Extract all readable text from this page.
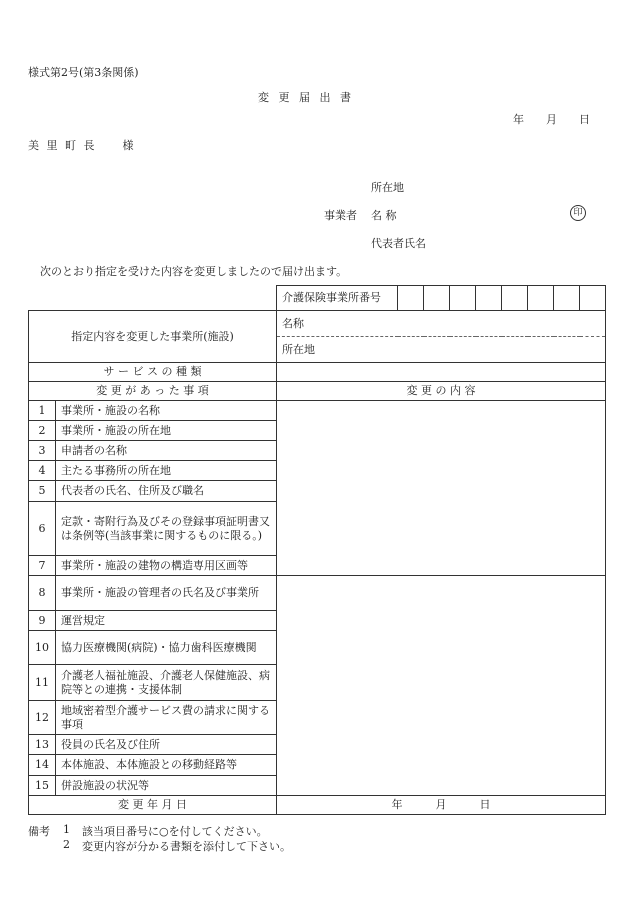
様式第2号(第3条関係)
変 更 届 出 書
年　　月　　日
美 里 町 長　　様
所在地
事業者 名 称	印
代表者氏名
次のとおり指定を受けた内容を変更しましたので届け出ます。
		介護保険事業所番号								
指定内容を変更した事業所(施設)		名称								
		所在地								
サ ー ビ ス の 種 類										
変 更 が あ っ た 事 項		変 更 の 内 容								
1	事業所・施設の名称									
2	事業所・施設の所在地									
3	申請者の名称									
4	主たる事務所の所在地									
5	代表者の氏名、住所及び職名									
6	定款・寄附行為及びその登録事項証明書又は条例等(当該事業に関するものに限る。)									
7	事業所・施設の建物の構造専用区画等									
8	事業所・施設の管理者の氏名及び事業所									
9	運営規定									
10	協力医療機関(病院)・協力歯科医療機関									
11	介護老人福祉施設、介護老人保健施設、病院等との連携・支援体制									
12	地域密着型介護サービス費の請求に関する事項									
13	役員の氏名及び住所									
14	本体施設、本体施設との移動経路等									
15	併設施設の状況等									
変 更 年 月 日		年　　　月　　　日								
備考 1 該当項目番号に○を付してください。
2 変更内容が分かる書類を添付して下さい。
